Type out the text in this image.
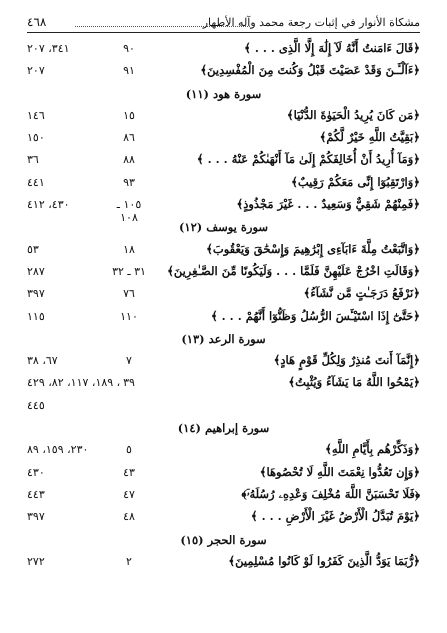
مشكاة الأنوار في إثبات رجعة محمد وآله الأطهار
٤٦٨
﴿قَالَ ءَامَنتُ أَنَّهُ لَآ إِلَٰهَ إِلَّا الَّذِى . . . ﴾
٩٠
٣٤١، ٢٠٧
﴿ءَآلْـَٔـنَ وَقَدْ عَصَيْتَ قَبْلُ وَكُنتَ مِنَ الْمُفْسِدِينَ﴾
٩١
٢٠٧
سورة هود (١١)
﴿مَن كَانَ يُرِيدُ الْحَيَوٰةَ الدُّنْيَا﴾
١٥
١٤٦
﴿بَقِيَّتُ اللَّهِ خَيْرٌ لَّكُمْ﴾
٨٦
١٥٠
﴿وَمَآ أُرِيدُ أَنْ أُخَالِفَكُمْ إِلَىٰ مَآ أَنْهَىٰكُمْ عَنْهُ . . . ﴾
٨٨
٣٦
﴿وَارْتَقِبُوٓا إِنِّى مَعَكُمْ رَقِيبٌ﴾
٩٣
٤٤١
﴿فَمِنْهُمْ شَقِيٌّ وَسَعِيدٌ . . . غَيْرَ مَجْذُوذٍ﴾
١٠٥ ـ ١٠٨
٤٣٠، ٤١٢
سورة يوسف (١٢)
﴿وَاتَّبَعْتُ مِلَّةَ ءَابَآءِى إِبْرَٰهِيمَ وَإِسْحَٰقَ وَيَعْقُوبَ﴾
١٨
٥٣
﴿وَقَالَتِ اخْرُجْ عَلَيْهِنَّ فَلَمَّا . . . وَلَيَكُونًا مِّنَ الصَّـٰغِرِينَ﴾
٣١ ـ ٣٢
٢٨٧
﴿نَرْفَعُ دَرَجَـٰتٍ مَّن نَّشَآءُ﴾
٧٦
٣٩٧
﴿حَتَّىٰٓ إِذَا اسْتَيْـَٔسَ الرُّسُلُ وَظَنُّوٓا أَنَّهُمْ . . . ﴾
١١٠
١١٥
سورة الرعد (١٣)
﴿إِنَّمَآ أَنتَ مُنذِرٌ وَلِكُلِّ قَوْمٍ هَادٍ﴾
٧
٦٧، ٣٨
﴿يَمْحُوا اللَّهُ مَا يَشَآءُ وَيُثْبِتُ﴾
٣٩
، ١٨٩، ١١٧، ٨٢، ٤٢٩
٤٤٥
سورة إبراهيم (١٤)
﴿وَذَكِّرْهُم بِأَيَّامِ اللَّهِ﴾
٥
٢٣٠، ١٥٩، ٨٩
﴿وَإِن تَعُدُّوا نِعْمَتَ اللَّهِ لَا تُحْصُوهَا﴾
٤٣
٤٣٠
﴿فَلَا تَحْسَبَنَّ اللَّهَ مُخْلِفَ وَعْدِهِۦ رُسُلَهُۥٓ﴾
٤٧
٤٤٣
﴿يَوْمَ تُبَدَّلُ الْأَرْضُ غَيْرَ الْأَرْضِ . . . ﴾
٤٨
٣٩٧
سورة الحجر (١٥)
﴿رُّبَمَا يَوَدُّ الَّذِينَ كَفَرُوا لَوْ كَانُوا مُسْلِمِينَ﴾
٢
٢٧٢
